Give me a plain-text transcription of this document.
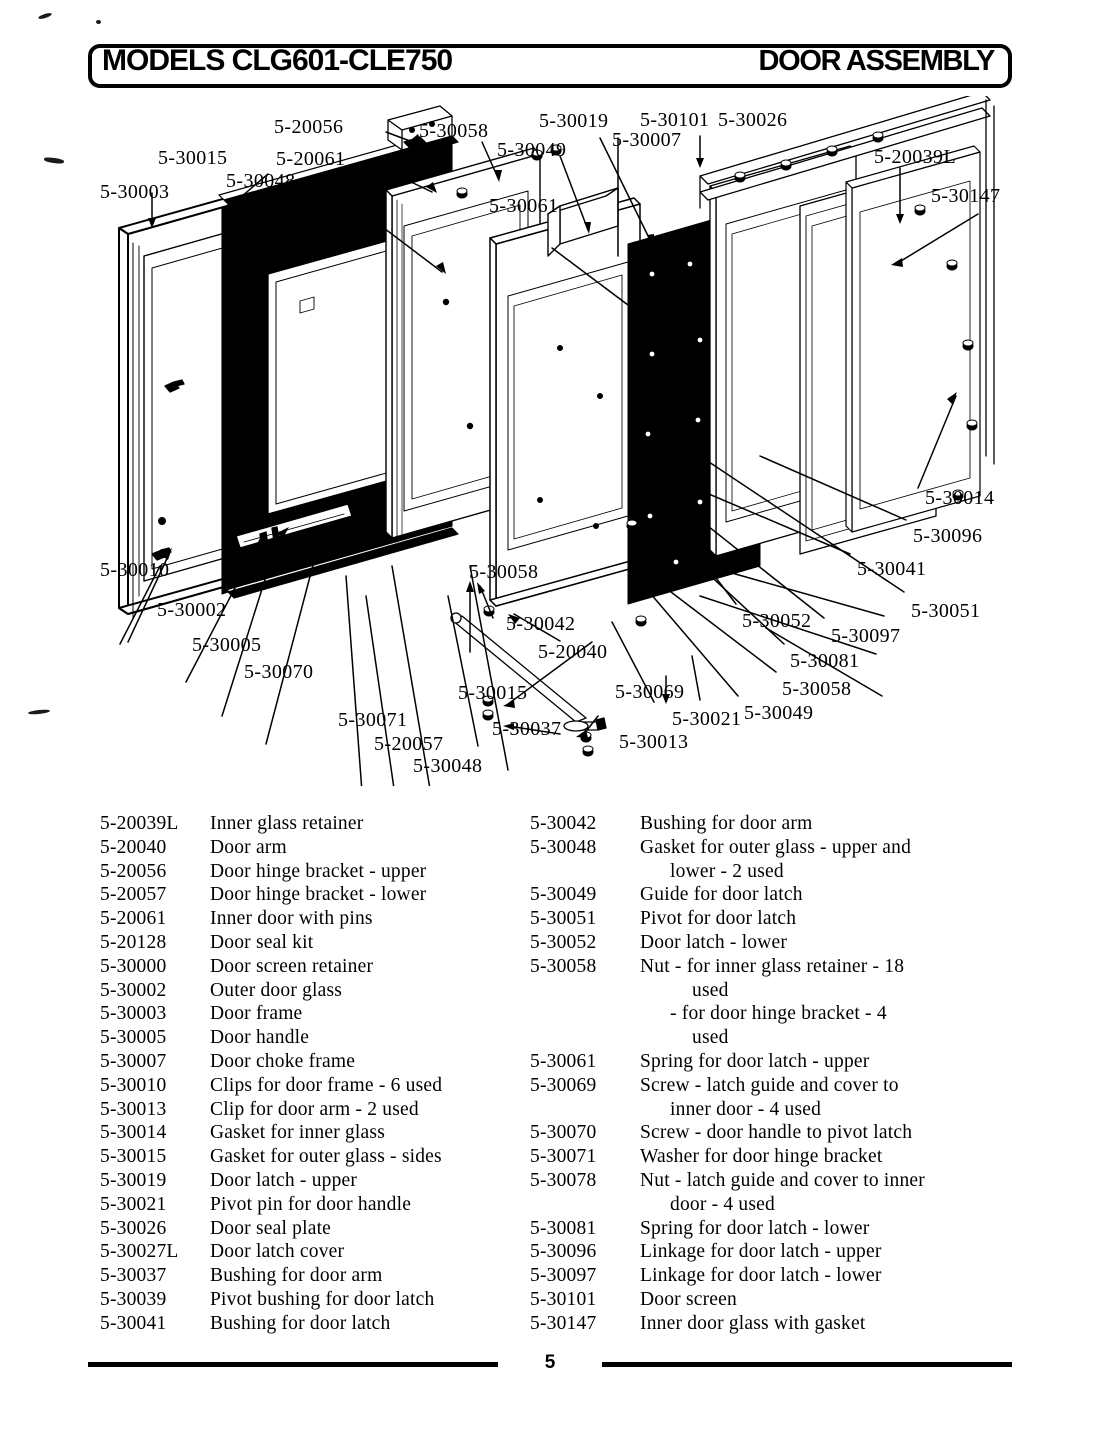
MODELS CLG601-CLE750	DOOR ASSEMBLY
5-30003
5-30015
5-30048
5-20056
5-20061
5-30000
5-30058
5-30049
5-30061
5-30019
5-30007
5-30101 5-30026
5-20039L
5-30147
5-30014
5-30096
5-30041
5-30051
5-30052
5-30097
5-30081
5-30058
5-30049
5-30021
5-30069
5-30013
5-30037
5-20040
5-30042
5-30058
5-30015
5-30048
5-20057
5-30071
5-30070
5-30005
5-30002
5-30010
5-20039L	Inner glass retainer
5-20040	Door arm
5-20056	Door hinge bracket - upper
5-20057	Door hinge bracket - lower
5-20061	Inner door with pins
5-20128	Door seal kit
5-30000	Door screen retainer
5-30002	Outer door glass
5-30003	Door frame
5-30005	Door handle
5-30007	Door choke frame
5-30010	Clips for door frame - 6 used
5-30013	Clip for door arm - 2 used
5-30014	Gasket for inner glass
5-30015	Gasket for outer glass - sides
5-30019	Door latch - upper
5-30021	Pivot pin for door handle
5-30026	Door seal plate
5-30027L	Door latch cover
5-30037	Bushing for door arm
5-30039	Pivot bushing for door latch
5-30041	Bushing for door latch
5-30042	Bushing for door arm
5-30048	Gasket for outer glass - upper and
lower - 2 used
5-30049	Guide for door latch
5-30051	Pivot for door latch
5-30052	Door latch - lower
5-30058	Nut - for inner glass retainer - 18
used
- for door hinge bracket - 4
used
5-30061	Spring for door latch - upper
5-30069	Screw - latch guide and cover to
inner door - 4 used
5-30070	Screw - door handle to pivot latch
5-30071	Washer for door hinge bracket
5-30078	Nut - latch guide and cover to inner
door - 4 used
5-30081	Spring for door latch - lower
5-30096	Linkage for door latch - upper
5-30097	Linkage for door latch - lower
5-30101	Door screen
5-30147	Inner door glass with gasket
5
